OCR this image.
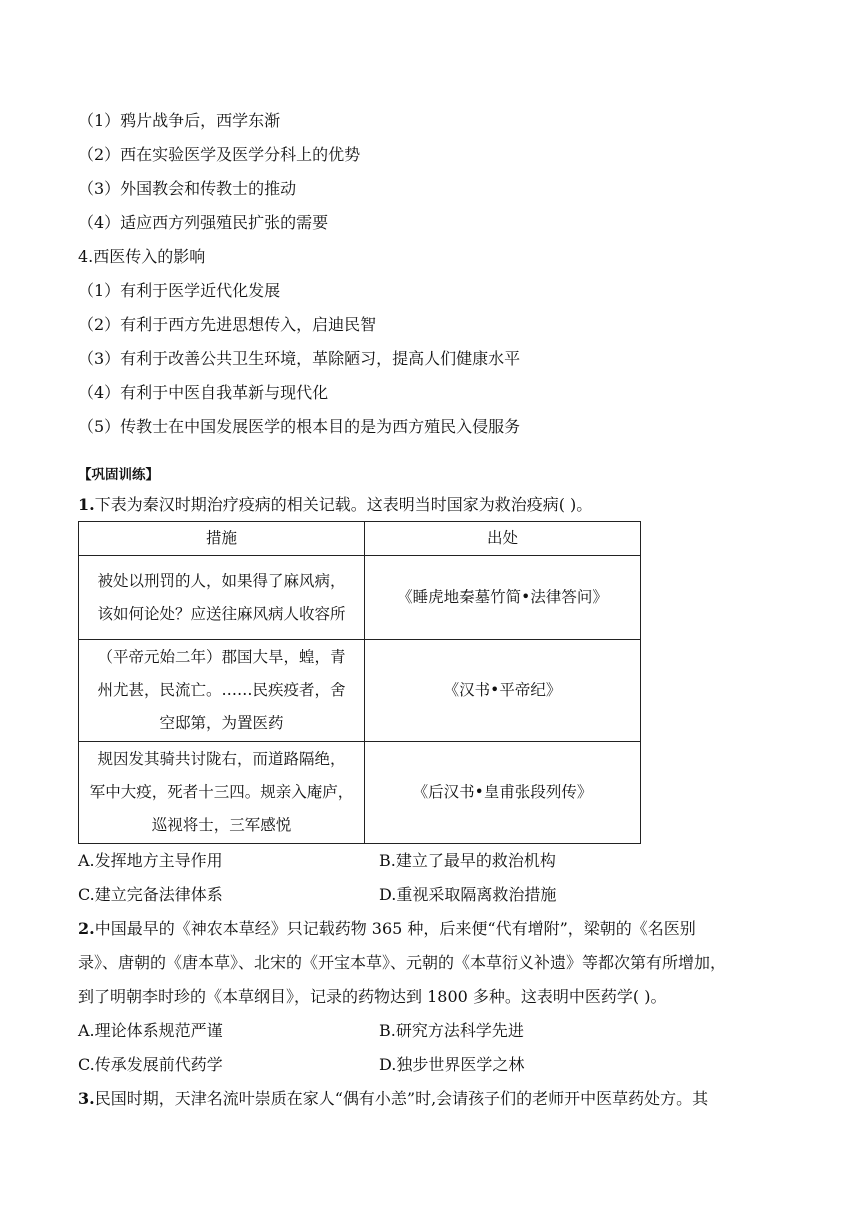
（1）鸦片战争后，西学东渐
（2）西在实验医学及医学分科上的优势
（3）外国教会和传教士的推动
（4）适应西方列强殖民扩张的需要
4.西医传入的影响
（1）有利于医学近代化发展
（2）有利于西方先进思想传入，启迪民智
（3）有利于改善公共卫生环境，革除陋习，提高人们健康水平
（4）有利于中医自我革新与现代化
（5）传教士在中国发展医学的根本目的是为西方殖民入侵服务
【巩固训练】
1.下表为秦汉时期治疗疫病的相关记载。这表明当时国家为救治疫病( )。
措施	出处

被处以刑罚的人，如果得了麻风病，
该如何论处？应送往麻风病人收容所	《睡虎地秦墓竹简•法律答问》

（平帝元始二年）郡国大旱，蝗，青
州尤甚，民流亡。……民疾疫者，舍
空邸第，为置医药	《汉书•平帝纪》

规因发其骑共讨陇右，而道路隔绝，
军中大疫，死者十三四。规亲入庵庐，
巡视将士，三军感悦	《后汉书•皇甫张段列传》
A.发挥地方主导作用	B.建立了最早的救治机构
C.建立完备法律体系	D.重视采取隔离救治措施
2.中国最早的《神农本草经》只记载药物 365 种，后来便“代有增附”，梁朝的《名医别
录》、唐朝的《唐本草》、北宋的《开宝本草》、元朝的《本草衍义补遗》等都次第有所增加，
到了明朝李时珍的《本草纲目》，记录的药物达到 1800 多种。这表明中医药学( )。
A.理论体系规范严谨	B.研究方法科学先进
C.传承发展前代药学	D.独步世界医学之林
3.民国时期，天津名流叶崇质在家人“偶有小恙”时,会请孩子们的老师开中医草药处方。其
